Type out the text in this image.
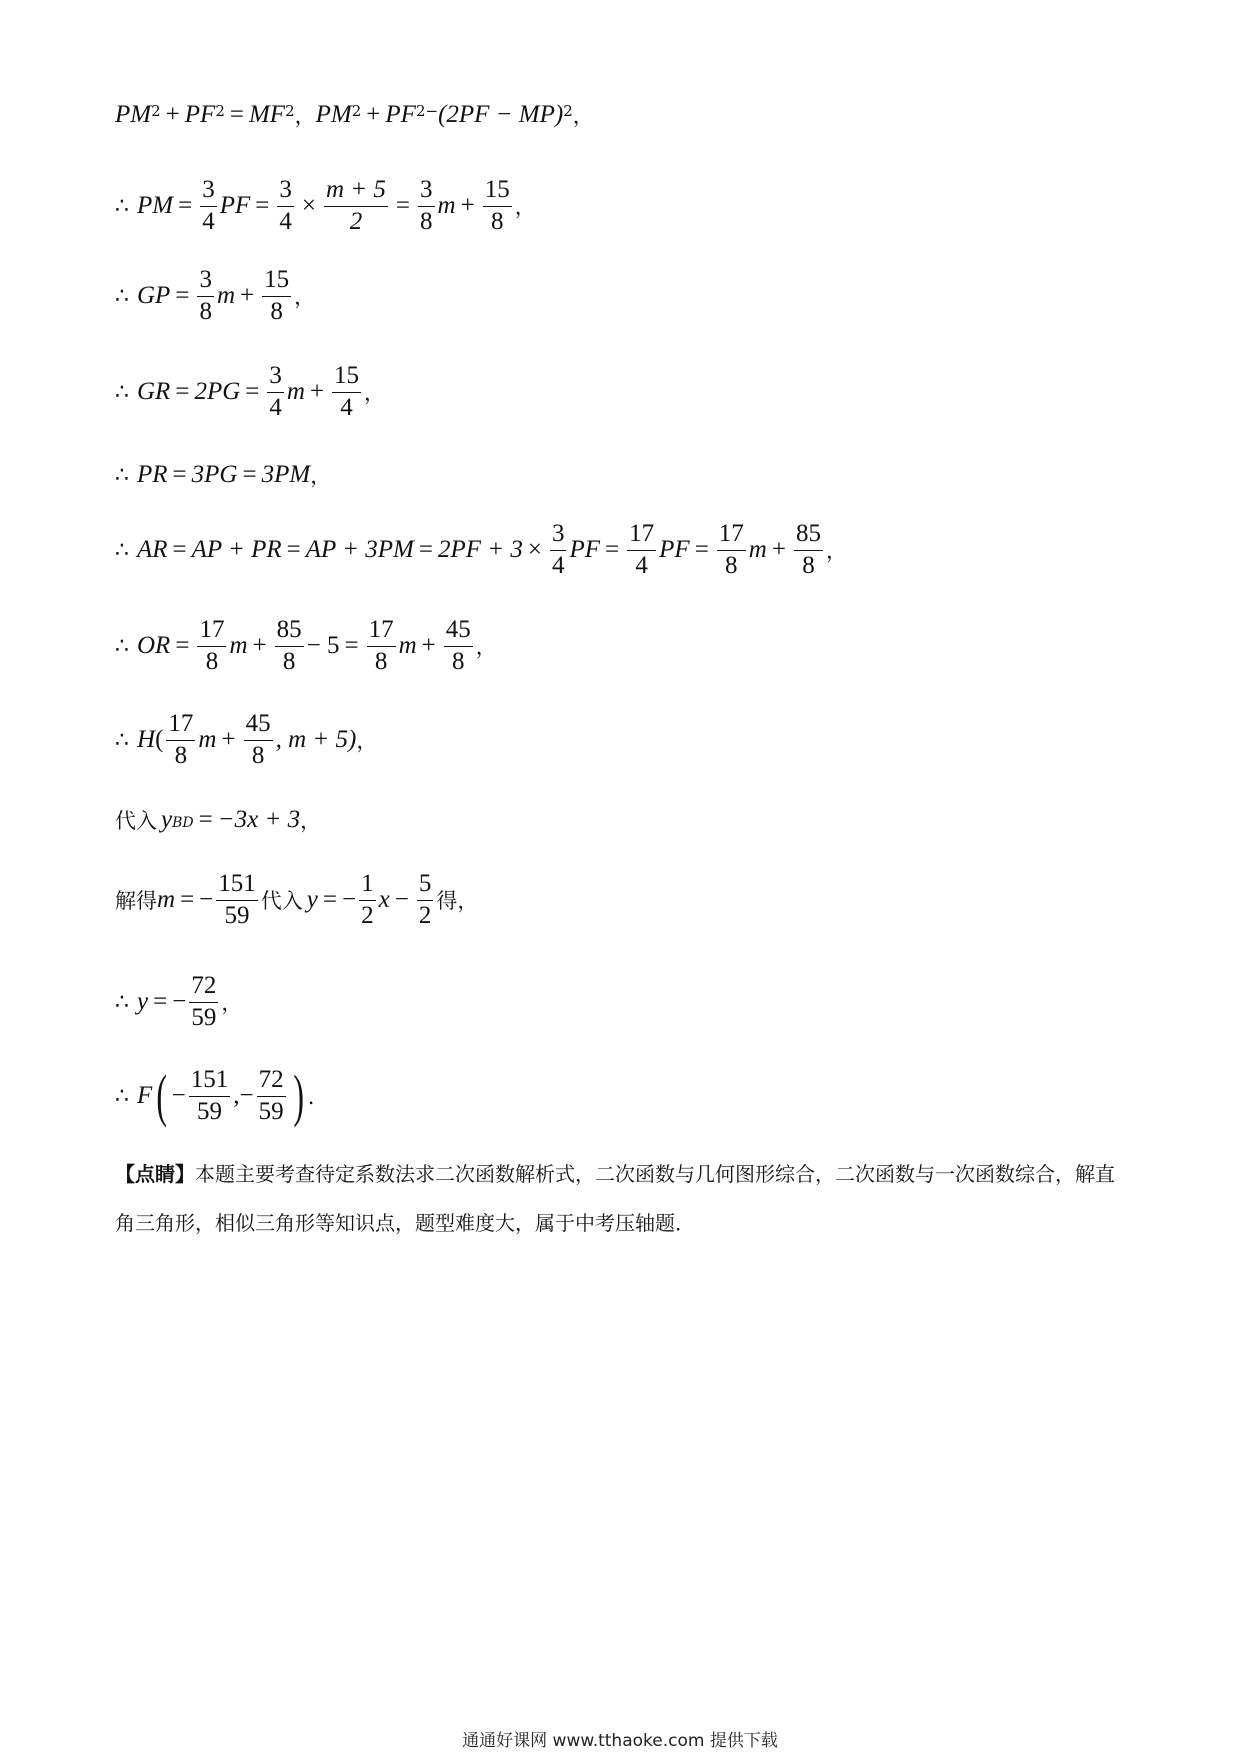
$PM^2 + PF^2 = MF^2$ ， $PM^2 + PF^{2-}$ (2PF − MP)$^2$ ，
∴ PM = $\frac{3}{4}$ PF = $\frac{3}{4} \times \frac{m + 5}{2} = \frac{3}{8}$ $m + \frac{15}{8}$ ，
∴ GP = $\frac{3}{8}$ $m + \frac{15}{8}$ ，
∴ GR = $2PG = \frac{3}{4}$ $m + \frac{15}{4}$ ，
∴ PR = 3PG = 3PM ，
∴ AR = AP + PR = AP + $3PM = 2PF + 3 \times \frac{3}{4}$ PF = $\frac{17}{4}$ PF = $\frac{17}{8}$ $m + \frac{85}{8}$ ，
∴ OR = $\frac{17}{8}$ $m + \frac{85}{8} - 5 = \frac{17}{8}$ $m + \frac{45}{8}$ ，
∴ H ( $\frac{17}{8}$ $m + \frac{45}{8}$ , m + 5) ，
代入 $y_{BD} = -3x + 3$ ，
解得 m = − $\frac{151}{59}$ 代入 y = − $\frac{1}{2}$ $x - \frac{5}{2}$ 得，
∴ y = − $\frac{72}{59}$ ，
∴ F ( − $\frac{151}{59}$ , − $\frac{72}{59}$ ) ．
【点睛】本题主要考查待定系数法求二次函数解析式，二次函数与几何图形综合，二次函数与一次函数综合，解直角三角形，相似三角形等知识点，题型难度大，属于中考压轴题．
通通好课网 www.tthaoke.com 提供下载
